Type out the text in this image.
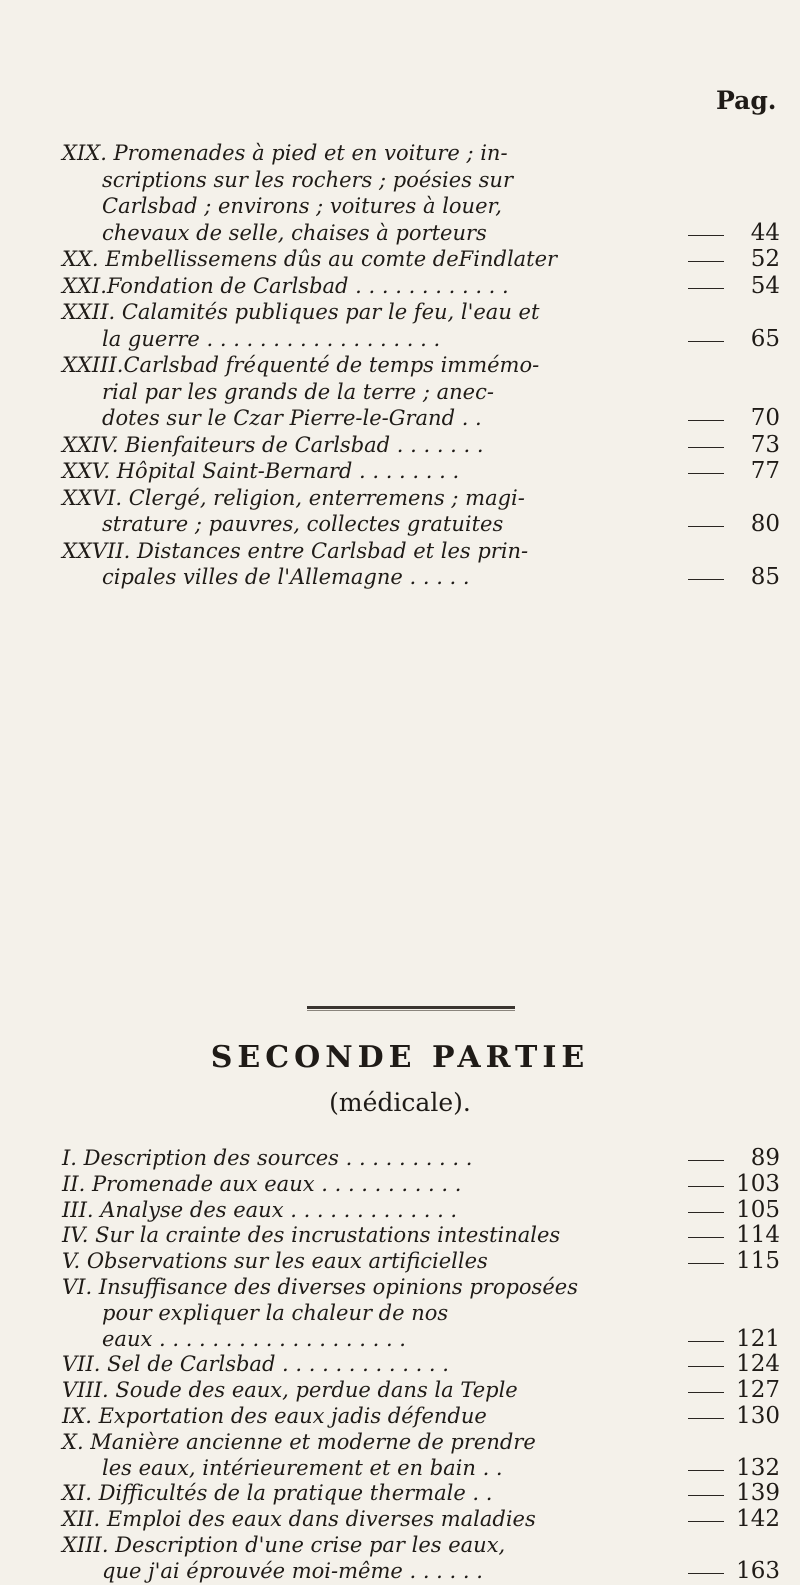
Pag.
XIX. Promenades à pied et en voiture ; in-
scriptions sur les rochers ; poésies sur
Carlsbad ; environs ; voitures à louer,
chevaux de selle, chaises à porteurs	44
XX. Embellissemens dûs au comte deFindlater	52
XXI.Fondation de Carlsbad . . . . . . . . . . . .	54
XXII. Calamités publiques par le feu, l'eau et
la guerre . . . . . . . . . . . . . . . . . .	65
XXIII.Carlsbad fréquenté de temps immémo-
rial par les grands de la terre ; anec-
dotes sur le Czar Pierre-le-Grand . .	70
XXIV. Bienfaiteurs de Carlsbad . . . . . . .	73
XXV. Hôpital Saint-Bernard . . . . . . . .	77
XXVI. Clergé, religion, enterremens ; magi-
strature ; pauvres, collectes gratuites	80
XXVII. Distances entre Carlsbad et les prin-
cipales villes de l'Allemagne . . . . .	85
SECONDE PARTIE
(médicale).
I. Description des sources . . . . . . . . . .	89
II. Promenade aux eaux . . . . . . . . . . .	103
III. Analyse des eaux . . . . . . . . . . . . .	105
IV. Sur la crainte des incrustations intestinales	114
V. Observations sur les eaux artificielles	115
VI. Insuffisance des diverses opinions proposées
pour expliquer la chaleur de nos
eaux . . . . . . . . . . . . . . . . . . .	121
VII. Sel de Carlsbad . . . . . . . . . . . . .	124
VIII. Soude des eaux, perdue dans la Teple	127
IX. Exportation des eaux jadis défendue	130
X. Manière ancienne et moderne de prendre
les eaux, intérieurement et en bain . .	132
XI. Difficultés de la pratique thermale . .	139
XII. Emploi des eaux dans diverses maladies	142
XIII. Description d'une crise par les eaux,
que j'ai éprouvée moi-même . . . . . .	163
